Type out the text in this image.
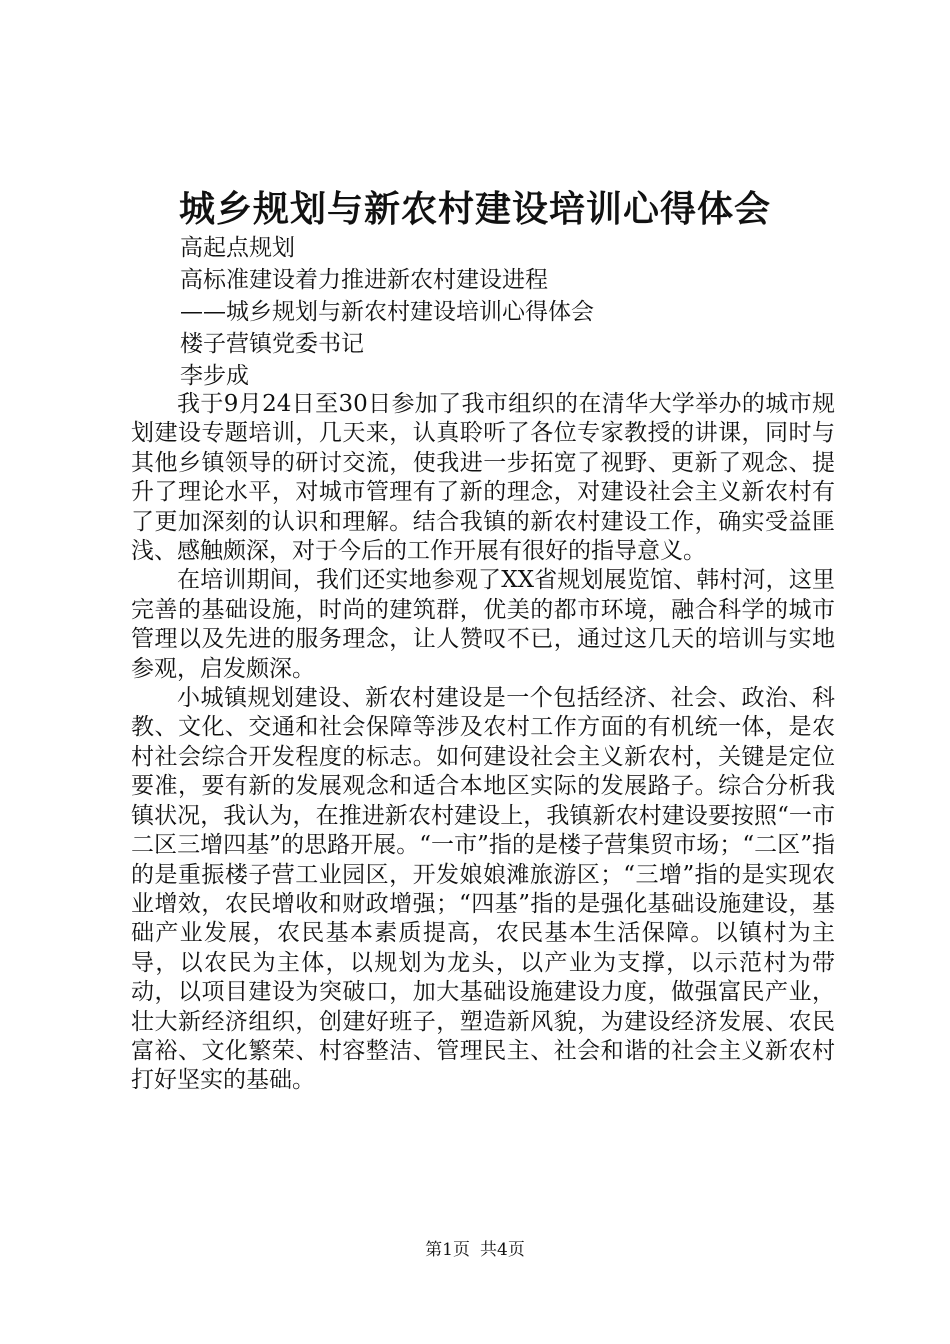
城乡规划与新农村建设培训心得体会
高起点规划
高标准建设着力推进新农村建设进程
——城乡规划与新农村建设培训心得体会
楼子营镇党委书记
李步成

我于9月24日至30日参加了我市组织的在清华大学举办的城市规划建设专题培训，几天来，认真聆听了各位专家教授的讲课，同时与其他乡镇领导的研讨交流，使我进一步拓宽了视野、更新了观念、提升了理论水平，对城市管理有了新的理念，对建设社会主义新农村有了更加深刻的认识和理解。结合我镇的新农村建设工作，确实受益匪浅、感触颇深，对于今后的工作开展有很好的指导意义。

在培训期间，我们还实地参观了XX省规划展览馆、韩村河，这里完善的基础设施，时尚的建筑群，优美的都市环境，融合科学的城市管理以及先进的服务理念，让人赞叹不已，通过这几天的培训与实地参观，启发颇深。

小城镇规划建设、新农村建设是一个包括经济、社会、政治、科教、文化、交通和社会保障等涉及农村工作方面的有机统一体，是农村社会综合开发程度的标志。如何建设社会主义新农村，关键是定位要准，要有新的发展观念和适合本地区实际的发展路子。综合分析我镇状况，我认为，在推进新农村建设上，我镇新农村建设要按照“一市二区三增四基”的思路开展。“一市”指的是楼子营集贸市场；“二区”指的是重振楼子营工业园区，开发娘娘滩旅游区；“三增”指的是实现农业增效，农民增收和财政增强；“四基”指的是强化基础设施建设，基础产业发展，农民基本素质提高，农民基本生活保障。以镇村为主导，以农民为主体，以规划为龙头，以产业为支撑，以示范村为带动，以项目建设为突破口，加大基础设施建设力度，做强富民产业，壮大新经济组织，创建好班子，塑造新风貌，为建设经济发展、农民富裕、文化繁荣、村容整洁、管理民主、社会和谐的社会主义新农村打好坚实的基础。

第1页 共4页
